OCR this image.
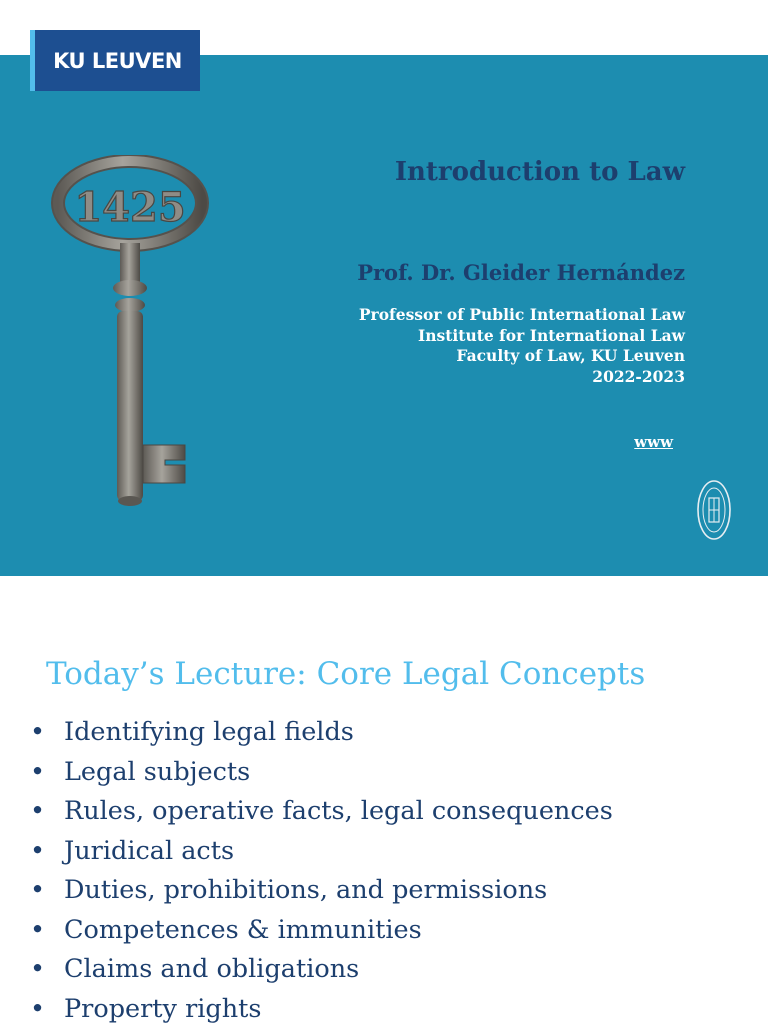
KU LEUVEN
1425
Introduction to Law
Prof. Dr. Gleider Hernández
Professor of Public International Law
Institute for International Law
Faculty of Law, KU Leuven
2022-2023
www
Today’s Lecture: Core Legal Concepts
• Identifying legal fields
• Legal subjects
• Rules, operative facts, legal consequences
• Juridical acts
• Duties, prohibitions, and permissions
• Competences & immunities
• Claims and obligations
• Property rights
